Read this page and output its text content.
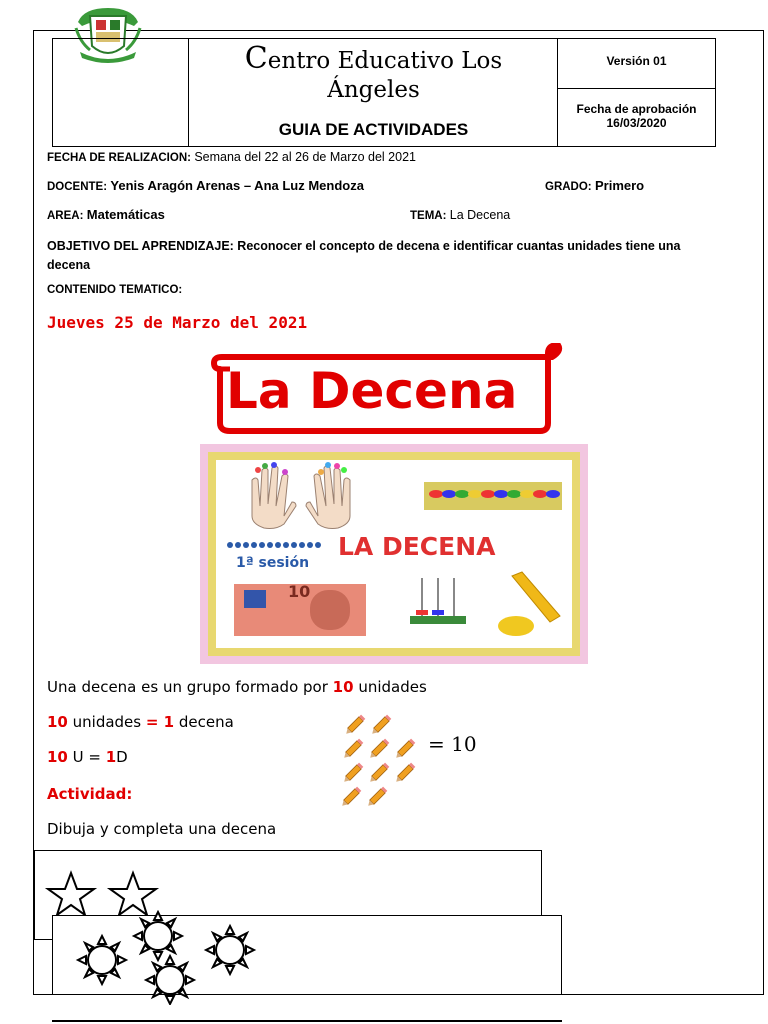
Centro Educativo Los
Ángeles
GUIA DE ACTIVIDADES
Versión 01
Fecha de aprobación
16/03/2020
FECHA DE REALIZACION: Semana del 22 al 26 de Marzo del 2021
DOCENTE: Yenis Aragón Arenas – Ana Luz Mendoza	GRADO: Primero
AREA: Matemáticas	TEMA: La Decena
OBJETIVO DEL APRENDIZAJE: Reconocer el concepto de decena e identificar cuantas unidades tiene una decena
CONTENIDO TEMATICO:
Jueves 25 de Marzo del 2021
La Decena
LA DECENA
1ª sesión
10
Una decena es un grupo formado por 10 unidades
10 unidades = 1 decena
10 U = 1D
Actividad:
Dibuja y completa una decena
= 10
